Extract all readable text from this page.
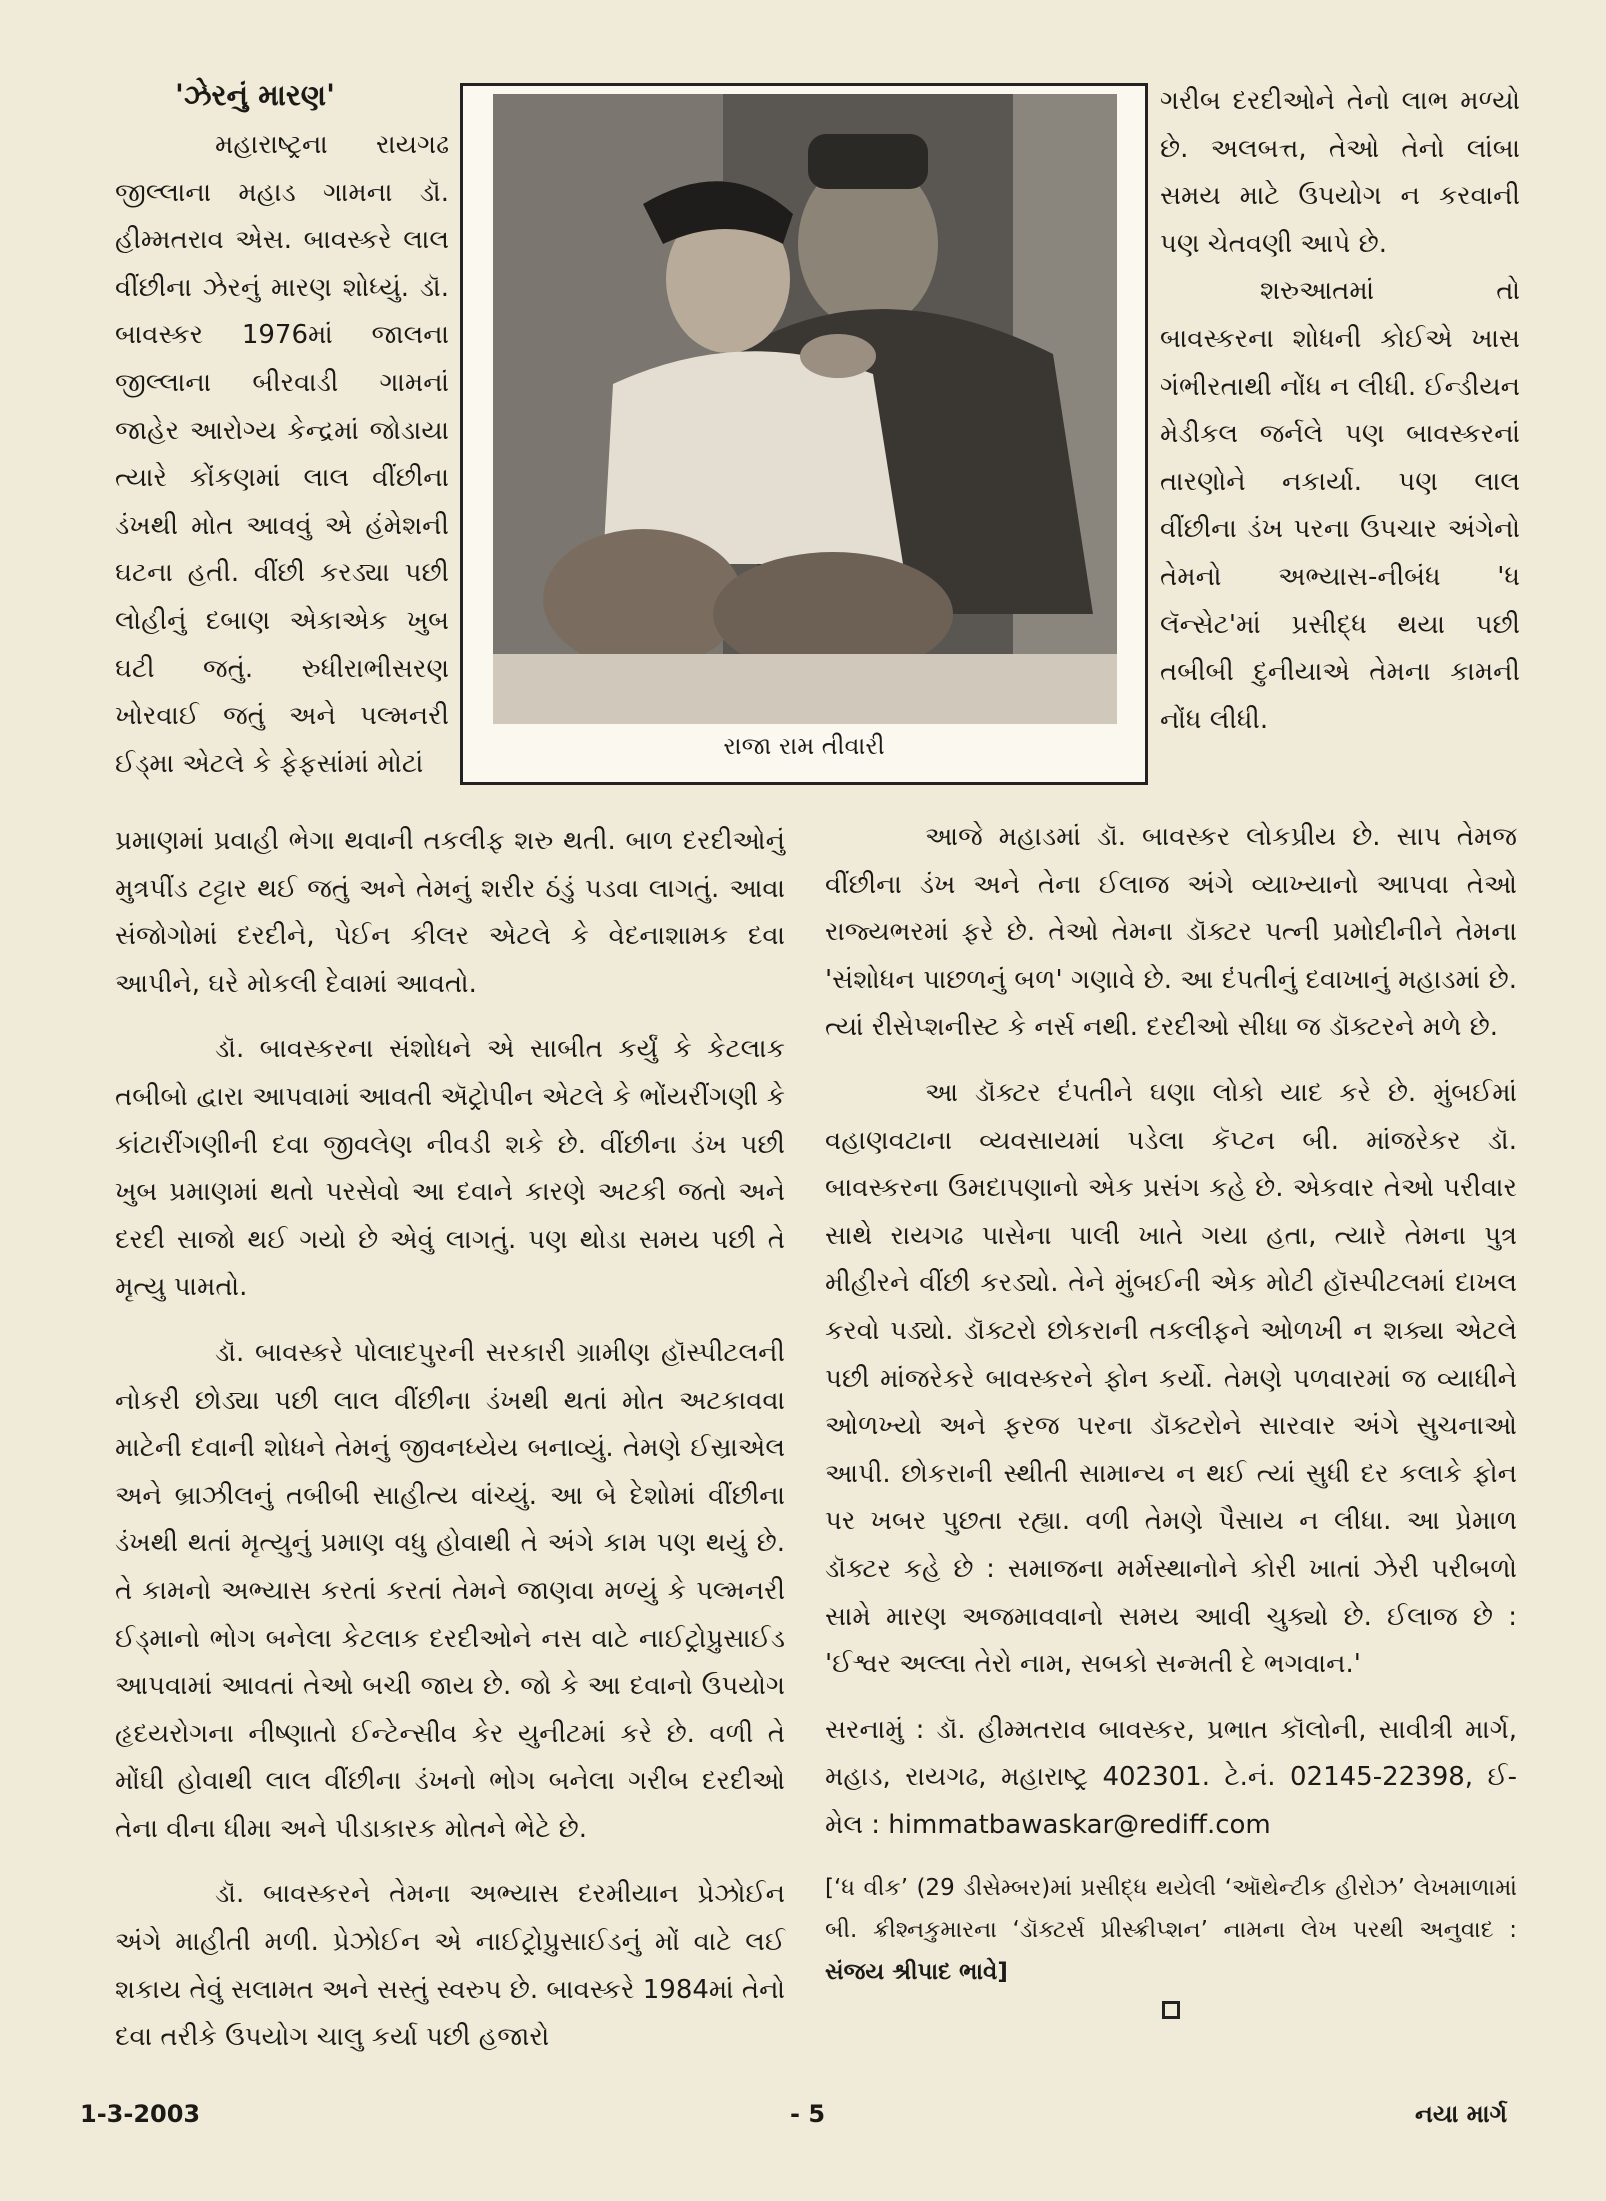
'ઝેરનું મારણ'

મહારાષ્ટ્રના રાયગઢ જીલ્લાના મહાડ ગામના ડૉ. હીમ્મતરાવ એસ. બાવસ્કરે લાલ વીંછીના ઝેરનું મારણ શોધ્યું. ડૉ. બાવસ્કર 1976માં જાલના જીલ્લાના બીરવાડી ગામનાં જાહેર આરોગ્ય કેન્દ્રમાં જોડાયા ત્યારે કોંકણમાં લાલ વીંછીના ડંખથી મોત આવવું એ હંમેશની ઘટના હતી. વીંછી કરડ્યા પછી લોહીનું દબાણ એકાએક ખુબ ઘટી જતું. રુધીરાભીસરણ ખોરવાઈ જતું અને પલ્મનરી ઈડ્મા એટલે કે ફેફસાંમાં મોટાં

રાજા રામ તીવારી

ગરીબ દરદીઓને તેનો લાભ મળ્યો છે. અલબત્ત, તેઓ તેનો લાંબા સમય માટે ઉપયોગ ન કરવાની પણ ચેતવણી આપે છે.

શરુઆતમાં તો બાવસ્કરના શોધની કોઈએ ખાસ ગંભીરતાથી નોંધ ન લીધી. ઈન્ડીયન મેડીકલ જર્નલે પણ બાવસ્કરનાં તારણોને નકાર્યા. પણ લાલ વીંછીના ડંખ પરના ઉપચાર અંગેનો તેમનો અભ્યાસ-નીબંધ 'ધ લૅન્સેટ'માં પ્રસીદ્ધ થયા પછી તબીબી દુનીયાએ તેમના કામની નોંધ લીધી.

પ્રમાણમાં પ્રવાહી ભેગા થવાની તકલીફ શરુ થતી. બાળ દરદીઓનું મુત્રપીંડ ટટ્ટાર થઈ જતું અને તેમનું શરીર ઠંડું પડવા લાગતું. આવા સંજોગોમાં દરદીને, પેઈન કીલર એટલે કે વેદનાશામક દવા આપીને, ઘરે મોકલી દેવામાં આવતો.

ડૉ. બાવસ્કરના સંશોધને એ સાબીત કર્યું કે કેટલાક તબીબો દ્વારા આપવામાં આવતી ઍટ્રોપીન એટલે કે ભોંયરીંગણી કે કાંટારીંગણીની દવા જીવલેણ નીવડી શકે છે. વીંછીના ડંખ પછી ખુબ પ્રમાણમાં થતો પરસેવો આ દવાને કારણે અટકી જતો અને દરદી સાજો થઈ ગયો છે એવું લાગતું. પણ થોડા સમય પછી તે મૃત્યુ પામતો.

ડૉ. બાવસ્કરે પોલાદપુરની સરકારી ગ્રામીણ હૉસ્પીટલની નોકરી છોડ્યા પછી લાલ વીંછીના ડંખથી થતાં મોત અટકાવવા માટેની દવાની શોધને તેમનું જીવનધ્યેય બનાવ્યું. તેમણે ઈસ્રાએલ અને બ્રાઝીલનું તબીબી સાહીત્ય વાંચ્યું. આ બે દેશોમાં વીંછીના ડંખથી થતાં મૃત્યુનું પ્રમાણ વધુ હોવાથી તે અંગે કામ પણ થયું છે. તે કામનો અભ્યાસ કરતાં કરતાં તેમને જાણવા મળ્યું કે પલ્મનરી ઈડ્માનો ભોગ બનેલા કેટલાક દરદીઓને નસ વાટે નાઈટ્રોપ્રુસાઈડ આપવામાં આવતાં તેઓ બચી જાય છે. જો કે આ દવાનો ઉપયોગ હૃદયરોગના નીષ્ણાતો ઈન્ટેન્સીવ કેર યુનીટમાં કરે છે. વળી તે મોંઘી હોવાથી લાલ વીંછીના ડંખનો ભોગ બનેલા ગરીબ દરદીઓ તેના વીના ધીમા અને પીડાકારક મોતને ભેટે છે.

ડૉ. બાવસ્કરને તેમના અભ્યાસ દરમીયાન પ્રેઝોઈન અંગે માહીતી મળી. પ્રેઝોઈન એ નાઈટ્રોપ્રુસાઈડનું મોં વાટે લઈ શકાય તેવું સલામત અને સસ્તું સ્વરુપ છે. બાવસ્કરે 1984માં તેનો દવા તરીકે ઉપયોગ ચાલુ કર્યા પછી હજારો

આજે મહાડમાં ડૉ. બાવસ્કર લોકપ્રીય છે. સાપ તેમજ વીંછીના ડંખ અને તેના ઈલાજ અંગે વ્યાખ્યાનો આપવા તેઓ રાજ્યભરમાં ફરે છે. તેઓ તેમના ડૉક્ટર પત્ની પ્રમોદીનીને તેમના 'સંશોધન પાછળનું બળ' ગણાવે છે. આ દંપતીનું દવાખાનું મહાડમાં છે. ત્યાં રીસેપ્શનીસ્ટ કે નર્સ નથી. દરદીઓ સીધા જ ડૉક્ટરને મળે છે.

આ ડૉક્ટર દંપતીને ઘણા લોકો યાદ કરે છે. મુંબઈમાં વહાણવટાના વ્યવસાયમાં પડેલા કૅપ્ટન બી. માંજરેકર ડૉ. બાવસ્કરના ઉમદાપણાનો એક પ્રસંગ કહે છે. એકવાર તેઓ પરીવાર સાથે રાયગઢ પાસેના પાલી ખાતે ગયા હતા, ત્યારે તેમના પુત્ર મીહીરને વીંછી કરડ્યો. તેને મુંબઈની એક મોટી હૉસ્પીટલમાં દાખલ કરવો પડ્યો. ડૉક્ટરો છોકરાની તકલીફને ઓળખી ન શક્યા એટલે પછી માંજરેકરે બાવસ્કરને ફોન કર્યો. તેમણે પળવારમાં જ વ્યાધીને ઓળખ્યો અને ફરજ પરના ડૉક્ટરોને સારવાર અંગે સુચનાઓ આપી. છોકરાની સ્થીતી સામાન્ય ન થઈ ત્યાં સુધી દર કલાકે ફોન પર ખબર પુછતા રહ્યા. વળી તેમણે પૈસાય ન લીધા. આ પ્રેમાળ ડૉક્ટર કહે છે : સમાજના મર્મસ્થાનોને કોરી ખાતાં ઝેરી પરીબળો સામે મારણ અજમાવવાનો સમય આવી ચુક્યો છે. ઈલાજ છે : 'ઈશ્વર અલ્લા તેરો નામ, સબકો સન્મતી દે ભગવાન.'

સરનામું : ડૉ. હીમ્મતરાવ બાવસ્કર, પ્રભાત કૉલોની, સાવીત્રી માર્ગ, મહાડ, રાયગઢ, મહારાષ્ટ્ર 402301. ટે.નં. 02145-22398, ઈ-મેલ : himmatbawaskar@rediff.com

[‘ધ વીક’ (29 ડીસેમ્બર)માં પ્રસીદ્ધ થયેલી ‘ઑથેન્ટીક હીરોઝ’ લેખમાળામાં બી. ક્રીશ્નકુમારના ‘ડૉક્ટર્સ પ્રીસ્ક્રીપ્શન’ નામના લેખ પરથી અનુવાદ : સંજય શ્રીપાદ ભાવે]

1-3-2003	- 5	નયા માર્ગ
